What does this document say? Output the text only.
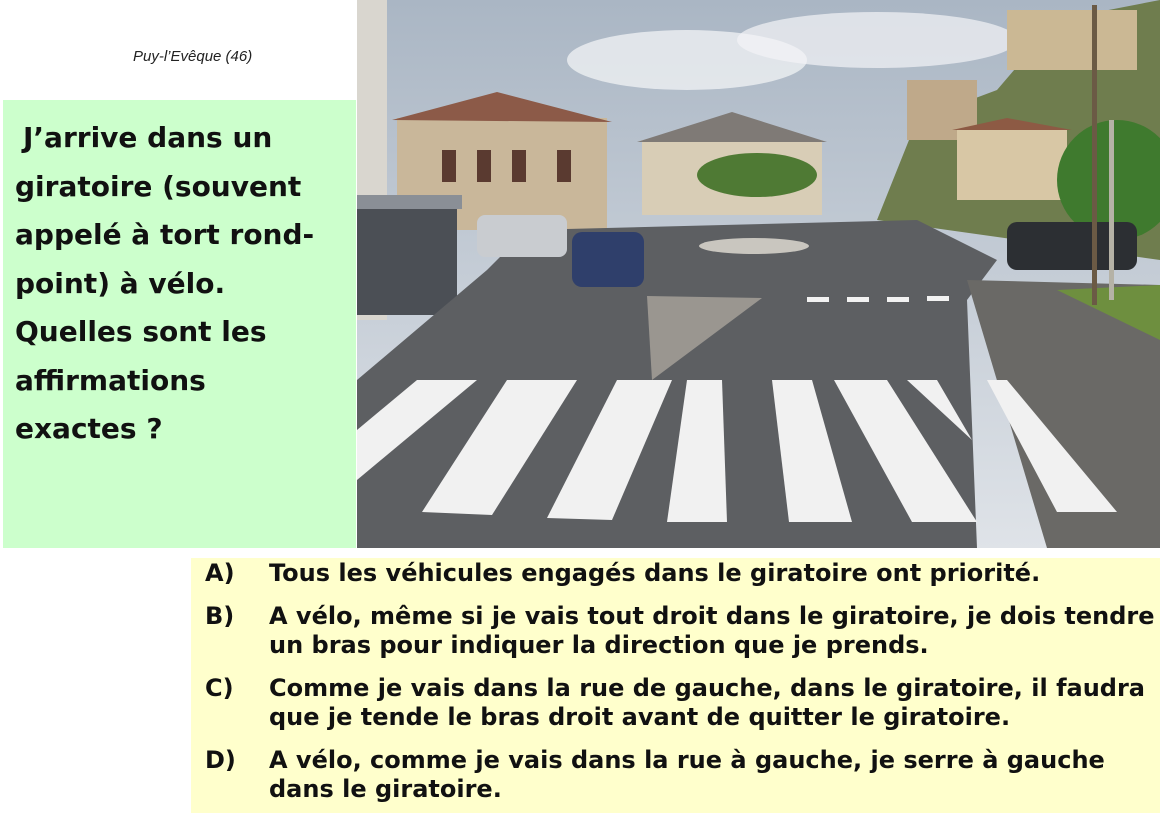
Puy-l’Evêque (46)

J’arrive dans un
giratoire (souvent
appelé à tort rond-
point) à vélo.
Quelles sont les
affirmations
exactes ?

A)	Tous les véhicules engagés dans le giratoire ont priorité.
B)	A vélo, même si je vais tout droit dans le giratoire, je dois tendre un bras pour indiquer la direction que je prends.
C)	Comme je vais dans la rue de gauche, dans le giratoire, il faudra que je tende le bras droit avant de quitter le giratoire.
D)	A vélo, comme je vais dans la rue à gauche, je serre à gauche dans le giratoire.
